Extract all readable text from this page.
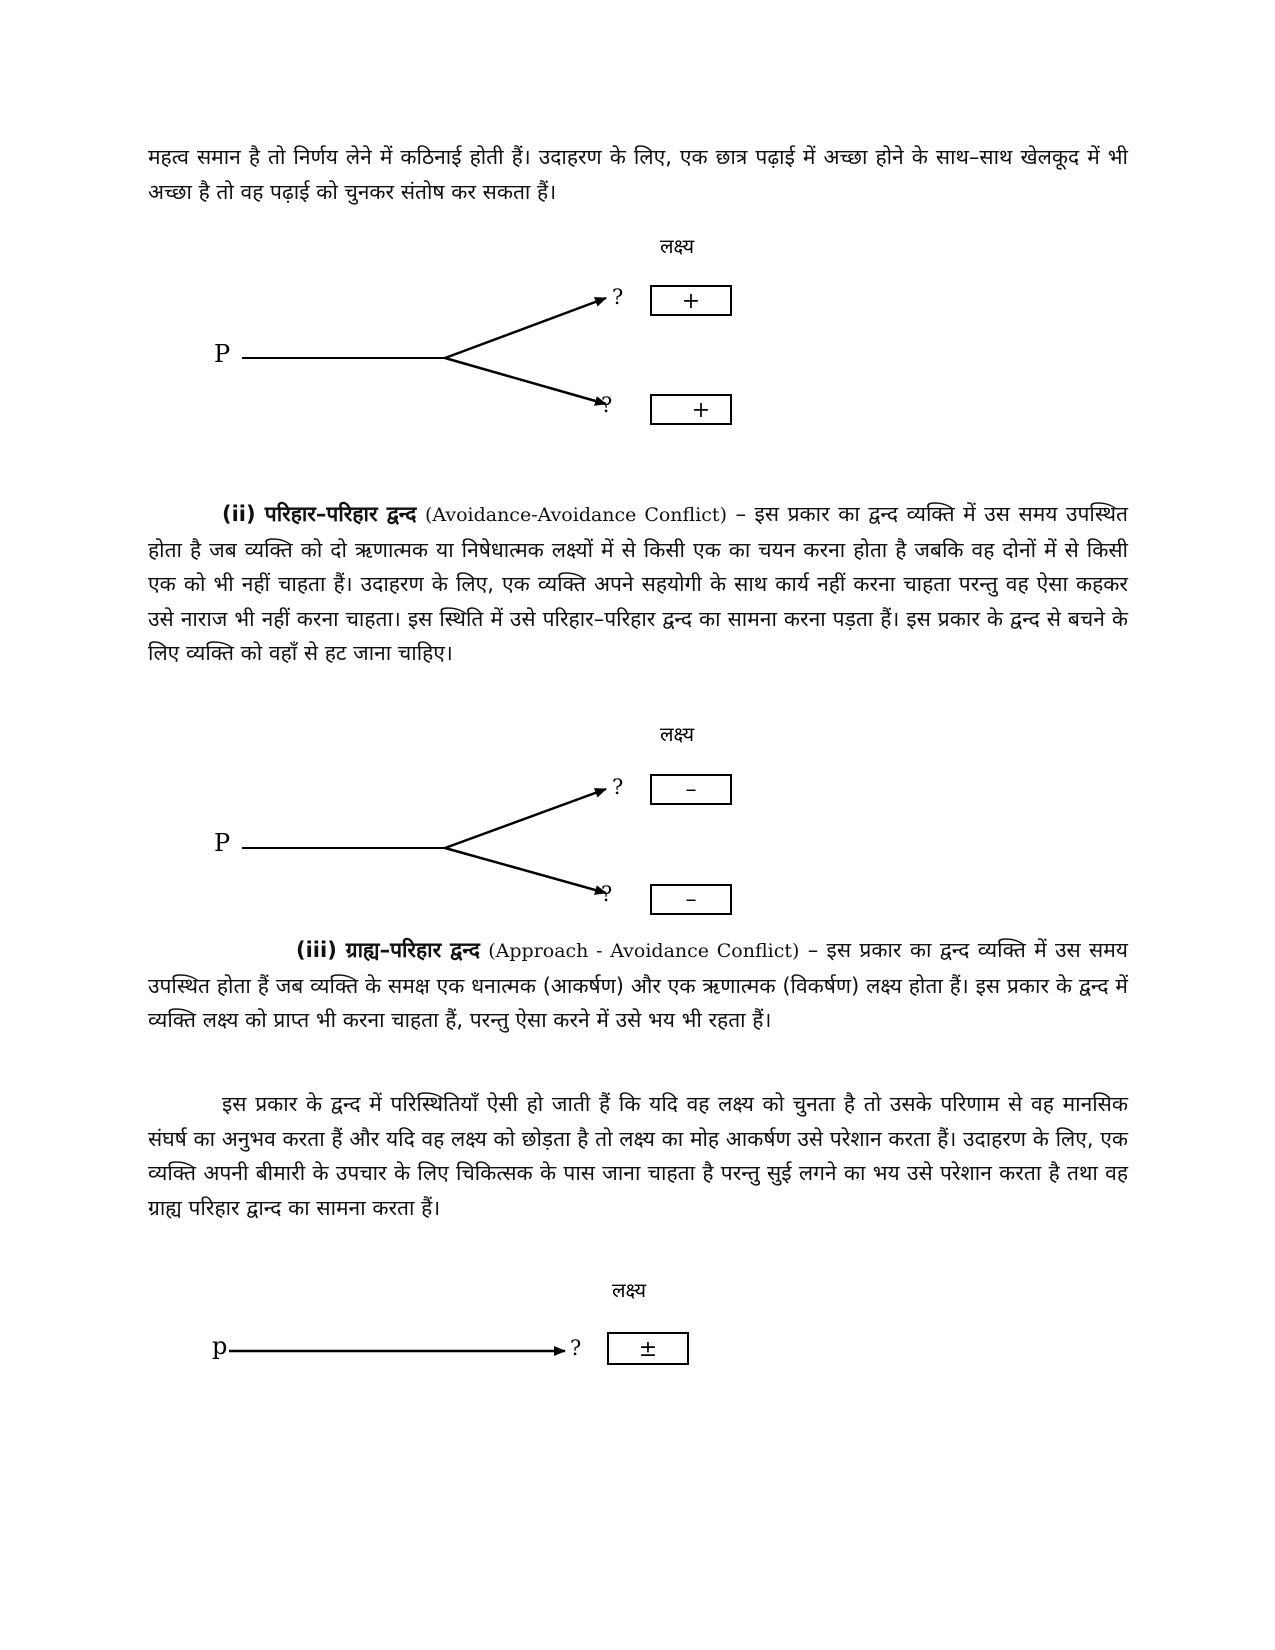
महत्व समान है तो निर्णय लेने में कठिनाई होती हैं। उदाहरण के लिए, एक छात्र पढ़ाई में अच्छा होने के साथ–साथ खेलकूद में भी अच्छा है तो वह पढ़ाई को चुनकर संतोष कर सकता हैं।

लक्ष्य
P
?
?
+
+
लक्ष्य
P
?
?
–
–
लक्ष्य
p	?	±

(ii) परिहार–परिहार द्वन्द (Avoidance-Avoidance Conflict) – इस प्रकार का द्वन्द व्यक्ति में उस समय उपस्थित होता है जब व्यक्ति को दो ऋणात्मक या निषेधात्मक लक्ष्यों में से किसी एक का चयन करना होता है जबकि वह दोनों में से किसी एक को भी नहीं चाहता हैं। उदाहरण के लिए, एक व्यक्ति अपने सहयोगी के साथ कार्य नहीं करना चाहता परन्तु वह ऐसा कहकर उसे नाराज भी नहीं करना चाहता। इस स्थिति में उसे परिहार–परिहार द्वन्द का सामना करना पड़ता हैं। इस प्रकार के द्वन्द से बचने के लिए व्यक्ति को वहाँ से हट जाना चाहिए।

(iii) ग्राह्य–परिहार द्वन्द (Approach - Avoidance Conflict) – इस प्रकार का द्वन्द व्यक्ति में उस समय उपस्थित होता हैं जब व्यक्ति के समक्ष एक धनात्मक (आकर्षण) और एक ऋणात्मक (विकर्षण) लक्ष्य होता हैं। इस प्रकार के द्वन्द में व्यक्ति लक्ष्य को प्राप्त भी करना चाहता हैं, परन्तु ऐसा करने में उसे भय भी रहता हैं।

इस प्रकार के द्वन्द में परिस्थितियाँ ऐसी हो जाती हैं कि यदि वह लक्ष्य को चुनता है तो उसके परिणाम से वह मानसिक संघर्ष का अनुभव करता हैं और यदि वह लक्ष्य को छोड़ता है तो लक्ष्य का मोह आकर्षण उसे परेशान करता हैं। उदाहरण के लिए, एक व्यक्ति अपनी बीमारी के उपचार के लिए चिकित्सक के पास जाना चाहता है परन्तु सुई लगने का भय उसे परेशान करता है तथा वह ग्राह्य परिहार द्वान्द का सामना करता हैं।
